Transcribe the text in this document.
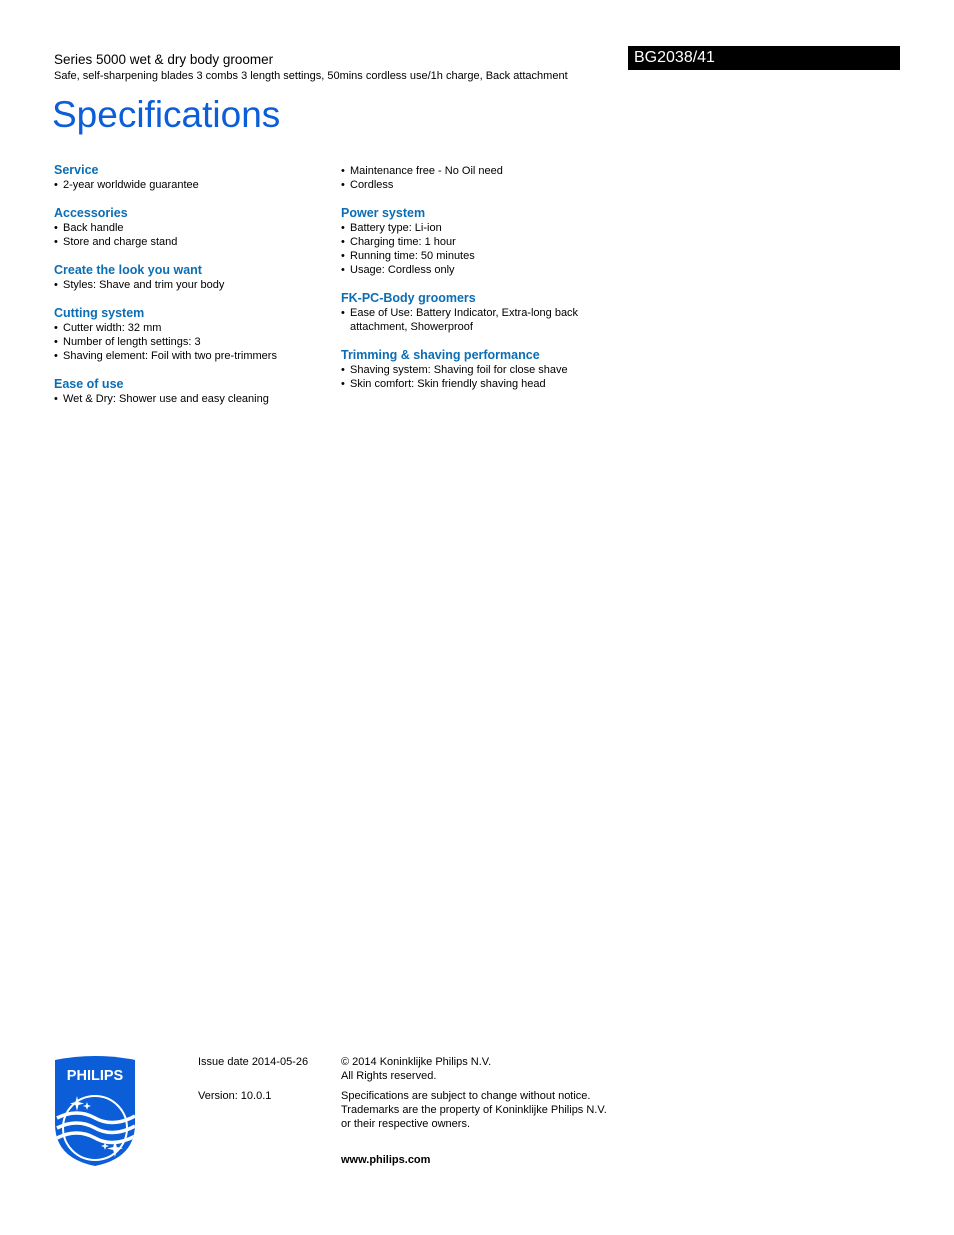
Series 5000 wet & dry body groomer
Safe, self-sharpening blades 3 combs 3 length settings, 50mins cordless use/1h charge, Back attachment
BG2038/41
Specifications
Service
• 2-year worldwide guarantee
Accessories
• Back handle
• Store and charge stand
Create the look you want
• Styles: Shave and trim your body
Cutting system
• Cutter width: 32 mm
• Number of length settings: 3
• Shaving element: Foil with two pre-trimmers
Ease of use
• Wet & Dry: Shower use and easy cleaning
• Maintenance free - No Oil need
• Cordless
Power system
• Battery type: Li-ion
• Charging time: 1 hour
• Running time: 50 minutes
• Usage: Cordless only
FK-PC-Body groomers
• Ease of Use: Battery Indicator, Extra-long back attachment, Showerproof
Trimming & shaving performance
• Shaving system: Shaving foil for close shave
• Skin comfort: Skin friendly shaving head
PHILIPS
Issue date 2014-05-26
Version: 10.0.1
© 2014 Koninklijke Philips N.V.
All Rights reserved.
Specifications are subject to change without notice.
Trademarks are the property of Koninklijke Philips N.V.
or their respective owners.
www.philips.com
